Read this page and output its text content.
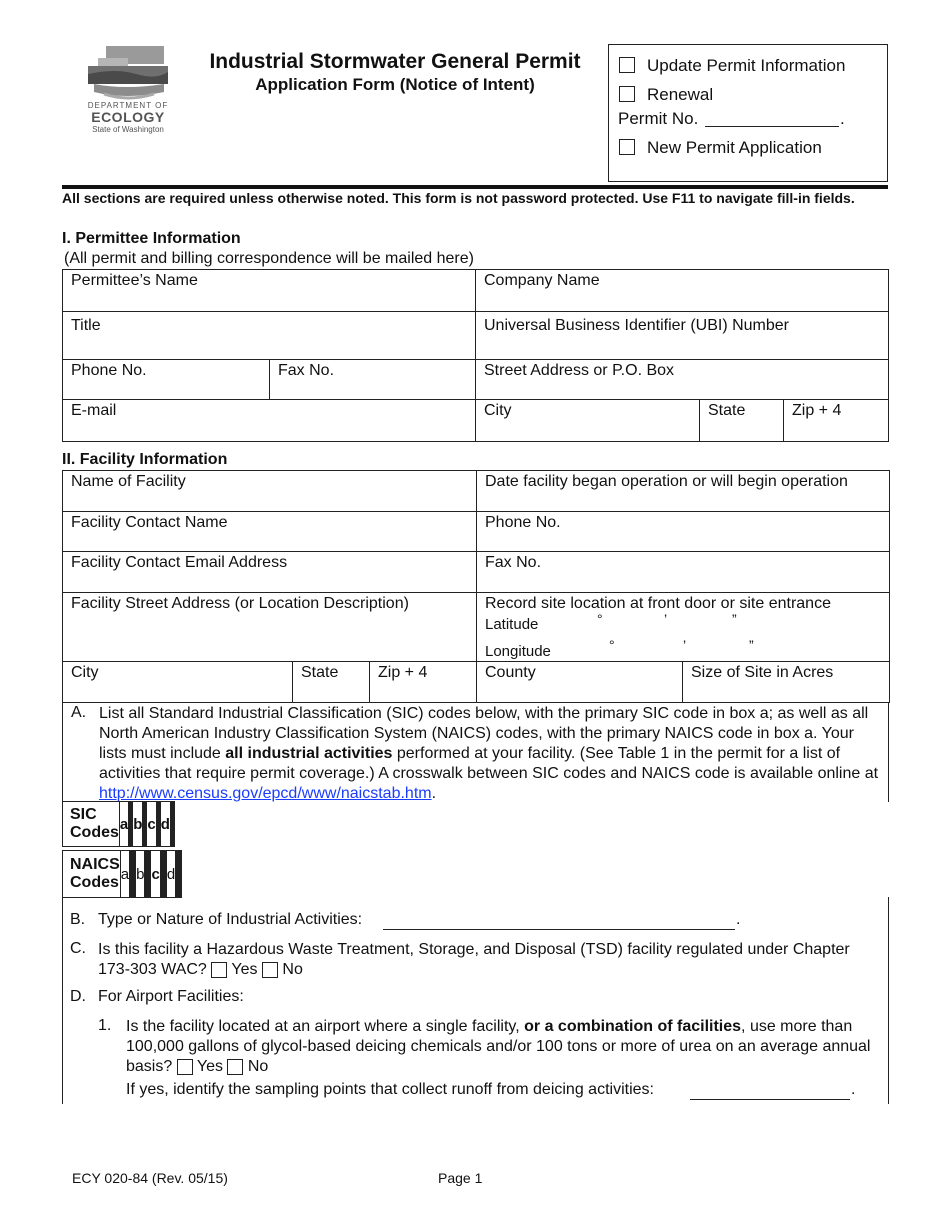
DEPARTMENT OF
ECOLOGY
State of Washington
Industrial Stormwater General Permit
Application Form (Notice of Intent)
Update Permit Information
Renewal
Permit No.	.
New Permit Application
All sections are required unless otherwise noted. This form is not password protected. Use F11 to navigate fill-in fields.
I. Permittee Information
(All permit and billing correspondence will be mailed here)
Permittee’s Name	Company Name
Title	Universal Business Identifier (UBI) Number
Phone No.	Fax No.	Street Address or P.O. Box
E-mail	City	State	Zip + 4
II. Facility Information
Name of Facility	Date facility began operation or will begin operation
Facility Contact Name	Phone No.
Facility Contact Email Address	Fax No.
Facility Street Address (or Location Description)	Record site location at front door or site entrance
Latitude	°	’	”
Longitude	°	’	”
City	State	Zip + 4	County	Size of Site in Acres
A. List all Standard Industrial Classification (SIC) codes below, with the primary SIC code in box a; as well as all North American Industry Classification System (NAICS) codes, with the primary NAICS code in box a. Your lists must include all industrial activities performed at your facility. (See Table 1 in the permit for a list of activities that require permit coverage.) A crosswalk between SIC codes and NAICS code is available online at http://www.census.gov/epcd/www/naicstab.htm.
SIC Codes	a					b					c					d				
NAICS Codes	a							b							c							d						
B. Type or Nature of Industrial Activities:	.
C. Is this facility a Hazardous Waste Treatment, Storage, and Disposal (TSD) facility regulated under Chapter 173-303 WAC? Yes No
D. For Airport Facilities:
1. Is the facility located at an airport where a single facility, or a combination of facilities, use more than 100,000 gallons of glycol-based deicing chemicals and/or 100 tons or more of urea on an average annual basis? Yes No
If yes, identify the sampling points that collect runoff from deicing activities:	.
ECY 020-84 (Rev. 05/15)	Page 1
